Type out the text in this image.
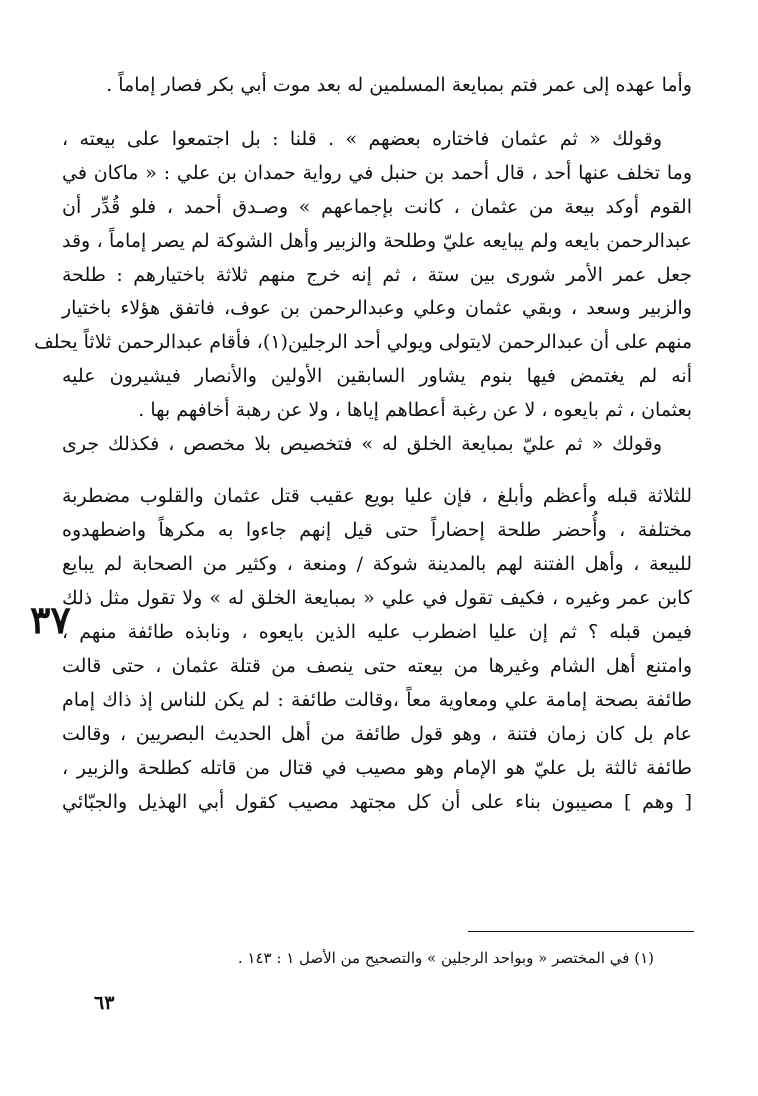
وأما عهده إلى عمر فتم بمبايعة المسلمين له بعد موت أبي بكر فصار إماماً .
وقولك « ثم عثمان فاختاره بعضهم » . قلنا : بل اجتمعوا على بيعته ،
وما تخلف عنها أحد ، قال أحمد بن حنبل في رواية حمدان بن علي : « ماكان في
القوم أوكد بيعة من عثمان ، كانت بإجماعهم » وصـدق أحمد ، فلو قُدِّر أن
عبدالرحمن بايعه ولم يبايعه عليّ وطلحة والزبير وأهل الشوكة لم يصر إماماً ، وقد
جعل عمر الأمر شورى بين ستة ، ثم إنه خرج منهم ثلاثة باختيارهم : طلحة
والزبير وسعد ، وبقي عثمان وعلي وعبدالرحمن بن عوف، فاتفق هؤلاء باختيار
منهم على أن عبدالرحمن لايتولى ويولي أحد الرجلين(١)، فأقام عبدالرحمن ثلاثاً يحلف
أنه لم يغتمض فيها بنوم يشاور السابقين الأولين والأنصار فيشيرون عليه
بعثمان ، ثم بايعوه ، لا عن رغبة أعطاهم إياها ، ولا عن رهبة أخافهم بها .
وقولك « ثم عليّ بمبايعة الخلق له » فتخصيص بلا مخصص ، فكذلك جرى
للثلاثة قبله وأعظم وأبلغ ، فإن عليا بويع عقيب قتل عثمان والقلوب مضطربة
مختلفة ، وأُحضر طلحة إحضاراً حتى قيل إنهم جاءوا به مكرهاً واضطهدوه
للبيعة ، وأهل الفتنة لهم بالمدينة شوكة / ومنعة ، وكثير من الصحابة لم يبايع
كابن عمر وغيره ، فكيف تقول في علي « بمبايعة الخلق له » ولا تقول مثل ذلك
فيمن قبله ؟ ثم إن عليا اضطرب عليه الذين بايعوه ، ونابذه طائفة منهم ،
وامتنع أهل الشام وغيرها من بيعته حتى ينصف من قتلة عثمان ، حتى قالت
طائفة بصحة إمامة علي ومعاوية معاً ،وقالت طائفة : لم يكن للناس إذ ذاك إمام
عام بل كان زمان فتنة ، وهو قول طائفة من أهل الحديث البصريين ، وقالت
طائفة ثالثة بل عليّ هو الإمام وهو مصيب في قتال من قاتله كطلحة والزبير ،
[ وهم ] مصيبون بناء على أن كل مجتهد مصيب كقول أبي الهذيل والجبّائي
٣٧
(١) في المختصر « وبواحد الرجلين » والتصحيح من الأصل ١ : ١٤٣ .
٦٣
